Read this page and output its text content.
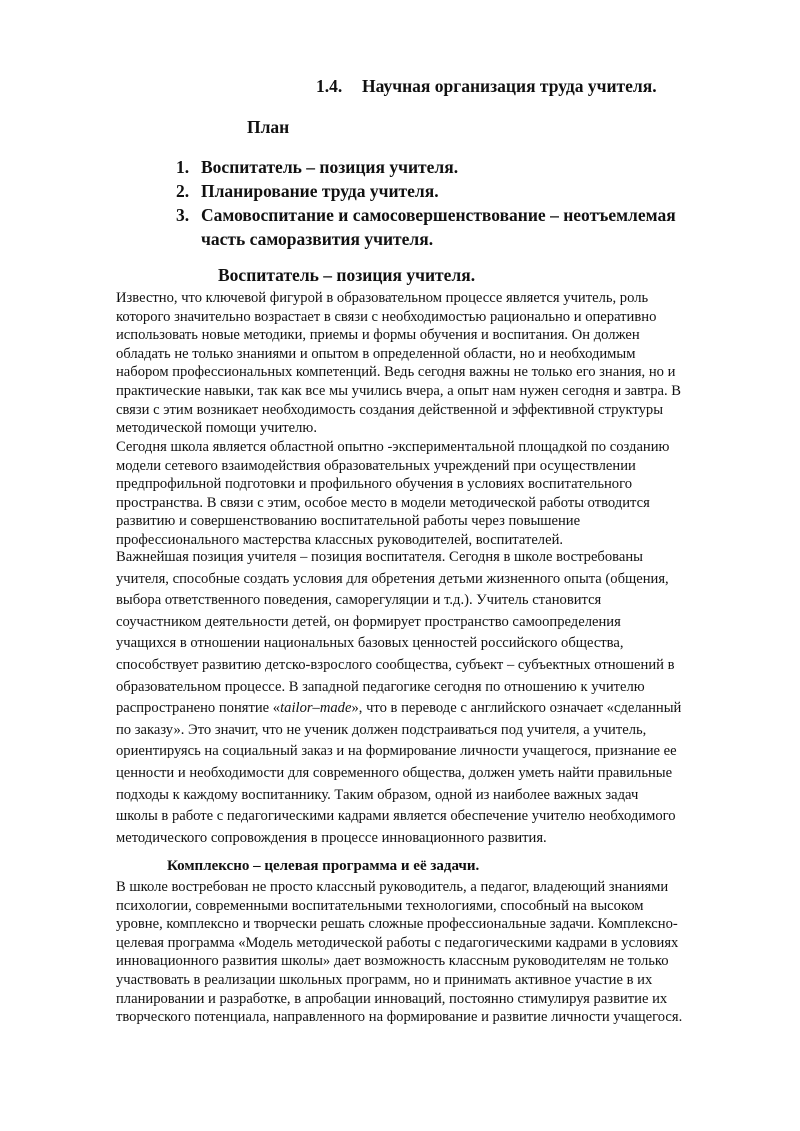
1.4. Научная организация труда учителя.
План
1. Воспитатель – позиция учителя.
2. Планирование труда учителя.
3. Самовоспитание и самосовершенствование – неотъемлемая
часть саморазвития учителя.
Воспитатель – позиция учителя.

Известно, что ключевой фигурой в образовательном процессе является учитель, роль
которого значительно возрастает в связи с необходимостью рационально и оперативно
использовать новые методики, приемы и формы обучения и воспитания. Он должен
обладать не только знаниями и опытом в определенной области, но и необходимым
набором профессиональных компетенций. Ведь сегодня важны не только его знания, но и
практические навыки, так как все мы учились вчера, а опыт нам нужен сегодня и завтра. В
связи с этим возникает необходимость создания действенной и эффективной структуры
методической помощи учителю.

Сегодня школа является областной опытно -экспериментальной площадкой по созданию
модели сетевого взаимодействия образовательных учреждений при осуществлении
предпрофильной подготовки и профильного обучения в условиях воспитательного
пространства. В связи с этим, особое место в модели методической работы отводится
развитию и совершенствованию воспитательной работы через повышение
профессионального мастерства классных руководителей, воспитателей.

Важнейшая позиция учителя – позиция воспитателя. Сегодня в школе востребованы
учителя, способные создать условия для обретения детьми жизненного опыта (общения,
выбора ответственного поведения, саморегуляции и т.д.). Учитель становится
соучастником деятельности детей, он формирует пространство самоопределения
учащихся в отношении национальных базовых ценностей российского общества,
способствует развитию детско-взрослого сообщества, субъект – субъектных отношений в
образовательном процессе. В западной педагогике сегодня по отношению к учителю
распространено понятие «tailor–made», что в переводе с английского означает «сделанный
по заказу». Это значит, что не ученик должен подстраиваться под учителя, а учитель,
ориентируясь на социальный заказ и на формирование личности учащегося, признание ее
ценности и необходимости для современного общества, должен уметь найти правильные
подходы к каждому воспитаннику. Таким образом, одной из наиболее важных задач
школы в работе с педагогическими кадрами является обеспечение учителю необходимого
методического сопровождения в процессе инновационного развития.

Комплексно – целевая программа и её задачи.

В школе востребован не просто классный руководитель, а педагог, владеющий знаниями
психологии, современными воспитательными технологиями, способный на высоком
уровне, комплексно и творчески решать сложные профессиональные задачи. Комплексно-
целевая программа «Модель методической работы с педагогическими кадрами в условиях
инновационного развития школы» дает возможность классным руководителям не только
участвовать в реализации школьных программ, но и принимать активное участие в их
планировании и разработке, в апробации инноваций, постоянно стимулируя развитие их
творческого потенциала, направленного на формирование и развитие личности учащегося.
